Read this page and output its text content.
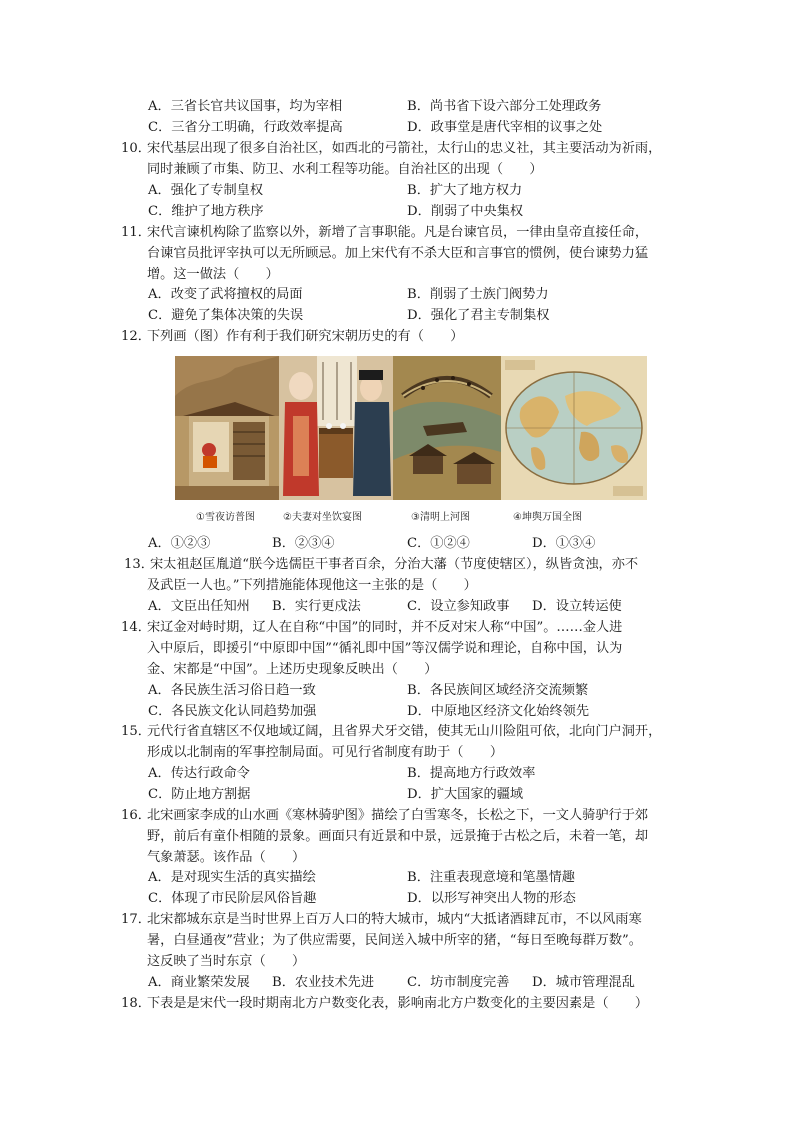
A．三省长官共议国事，均为宰相	B．尚书省下设六部分工处理政务
C．三省分工明确，行政效率提高	D．政事堂是唐代宰相的议事之处
10．
宋代基层出现了很多自治社区，如西北的弓箭社，太行山的忠义社，其主要活动为祈雨，
同时兼顾了市集、防卫、水利工程等功能。自治社区的出现（　　）
A．强化了专制皇权	B．扩大了地方权力
C．维护了地方秩序	D．削弱了中央集权
11．
宋代言谏机构除了监察以外，新增了言事职能。凡是台谏官员，一律由皇帝直接任命，
台谏官员批评宰执可以无所顾忌。加上宋代有不杀大臣和言事官的惯例，使台谏势力猛
增。这一做法（　　）
A．改变了武将擅权的局面	B．削弱了士族门阀势力
C．避免了集体决策的失误	D．强化了君主专制集权
12．
下列画（图）作有利于我们研究宋朝历史的有（　　）
①雪夜访普图	②夫妻对坐饮宴图	③清明上河图	④坤舆万国全图
A．①②③	B．②③④	C．①②④	D．①③④
13．
宋太祖赵匡胤道“朕今选儒臣干事者百余，分治大藩（节度使辖区），纵皆贪浊，亦不
及武臣一人也。”下列措施能体现他这一主张的是（　　）
A．文臣出任知州 B．实行更戍法	C．设立参知政事 D．设立转运使
14．
宋辽金对峙时期，辽人在自称“中国”的同时，并不反对宋人称“中国”。……金人进
入中原后，即援引“中原即中国”“循礼即中国”等汉儒学说和理论，自称中国，认为
金、宋都是“中国”。上述历史现象反映出（　　）
A．各民族生活习俗日趋一致	B．各民族间区域经济交流频繁
C．各民族文化认同趋势加强	D．中原地区经济文化始终领先
15．
元代行省直辖区不仅地域辽阔，且省界犬牙交错，使其无山川险阻可依，北向门户洞开，
形成以北制南的军事控制局面。可见行省制度有助于（　　）
A．传达行政命令	B．提高地方行政效率
C．防止地方割据	D．扩大国家的疆域
16．
北宋画家李成的山水画《寒林骑驴图》描绘了白雪寒冬，长松之下，一文人骑驴行于郊
野，前后有童仆相随的景象。画面只有近景和中景，远景掩于古松之后，未着一笔，却
气象萧瑟。该作品（　　）
A．是对现实生活的真实描绘	B．注重表现意境和笔墨情趣
C．体现了市民阶层风俗旨趣	D．以形写神突出人物的形态
17．
北宋都城东京是当时世界上百万人口的特大城市，城内“大抵诸酒肆瓦市，不以风雨寒
暑，白昼通夜”营业；为了供应需要，民间送入城中所宰的猪，“每日至晚每群万数”。
这反映了当时东京（　　）
A．商业繁荣发展 B．农业技术先进 C．坊市制度完善 D．城市管理混乱
18．
下表是是宋代一段时期南北方户数变化表，影响南北方户数变化的主要因素是（　　）
